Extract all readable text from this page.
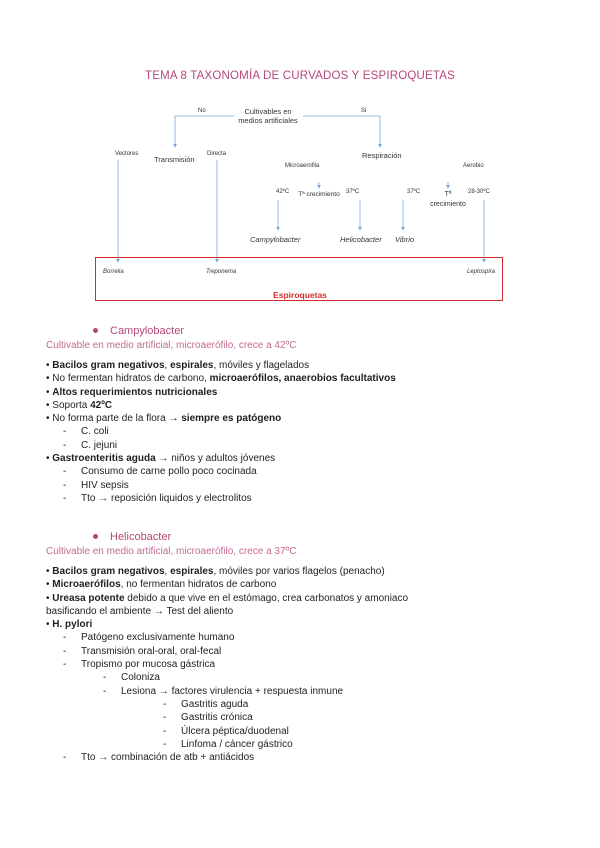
TEMA 8 TAXONOMÍA DE CURVADOS Y ESPIROQUETAS
No	Cultivables en medios artificiales
Si
Vectores
Transmisión
Directa	Respiración
Microaerofila	Aerobio
42ºC Tª crecimiento 37ºC	37ºC	Tª crecimiento
28-30ºC
Campylobacter	Helicobacter Vibrio
Borrelia	Treponema	Leptospira
Espiroquetas
Campylobacter
Cultivable en medio artificial, microaerófilo, crece a 42ºC
• Bacilos gram negativos, espirales, móviles y flagelados
• No fermentan hidratos de carbono, microaerófilos, anaerobios facultativos
• Altos requerimientos nutricionales
• Soporta 42ºC
• No forma parte de la flora → siempre es patógeno
- C. coli
- C. jejuni
• Gastroenteritis aguda → niños y adultos jóvenes
- Consumo de carne pollo poco cocinada
- HIV sepsis
- Tto → reposición liquidos y electrolitos
Helicobacter
Cultivable en medio artificial, microaerófilo, crece a 37ºC
• Bacilos gram negativos, espirales, móviles por varios flagelos (penacho)
• Microaerófilos, no fermentan hidratos de carbono
• Ureasa potente debido a que vive en el estómago, crea carbonatos y amoniaco
basificando el ambiente → Test del aliento
• H. pylori
- Patógeno exclusivamente humano
- Transmisión oral-oral, oral-fecal
- Tropismo por mucosa gástrica
- Coloniza
- Lesiona → factores virulencia + respuesta inmune
- Gastritis aguda
- Gastritis crónica
- Úlcera péptica/duodenal
- Linfoma / cáncer gástrico
- Tto → combinación de atb + antiácidos
